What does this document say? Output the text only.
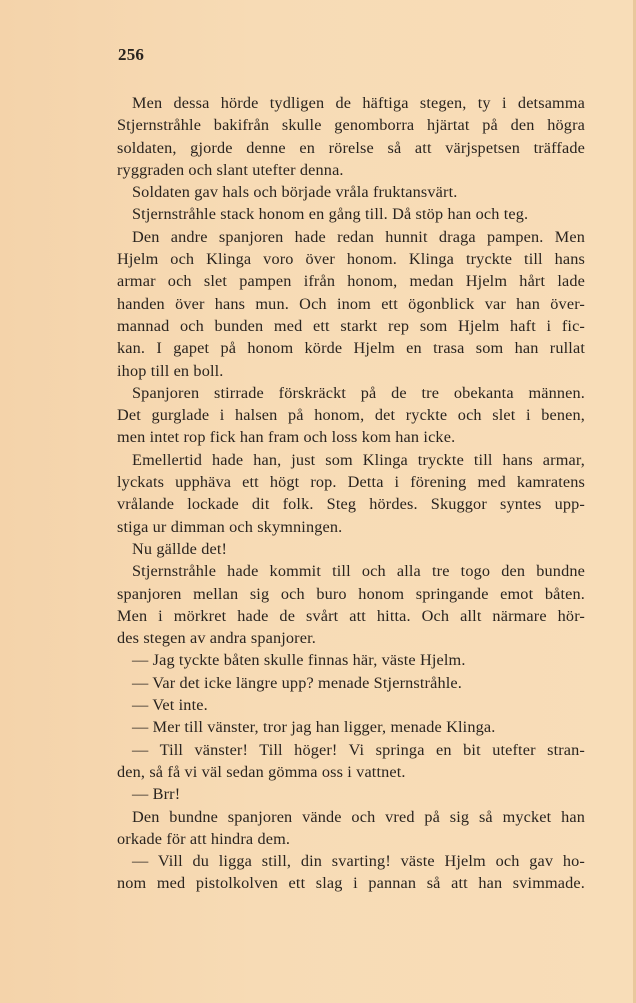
256
Men dessa hörde tydligen de häftiga stegen, ty i detsamma
Stjernstråhle bakifrån skulle genomborra hjärtat på den högra
soldaten, gjorde denne en rörelse så att värjspetsen träffade
ryggraden och slant utefter denna.
Soldaten gav hals och började vråla fruktansvärt.
Stjernstråhle stack honom en gång till. Då stöp han och teg.
Den andre spanjoren hade redan hunnit draga pampen. Men
Hjelm och Klinga voro över honom. Klinga tryckte till hans
armar och slet pampen ifrån honom, medan Hjelm hårt lade
handen över hans mun. Och inom ett ögonblick var han över-
mannad och bunden med ett starkt rep som Hjelm haft i fic-
kan. I gapet på honom körde Hjelm en trasa som han rullat
ihop till en boll.
Spanjoren stirrade förskräckt på de tre obekanta männen.
Det gurglade i halsen på honom, det ryckte och slet i benen,
men intet rop fick han fram och loss kom han icke.
Emellertid hade han, just som Klinga tryckte till hans armar,
lyckats upphäva ett högt rop. Detta i förening med kamratens
vrålande lockade dit folk. Steg hördes. Skuggor syntes upp-
stiga ur dimman och skymningen.
Nu gällde det!
Stjernstråhle hade kommit till och alla tre togo den bundne
spanjoren mellan sig och buro honom springande emot båten.
Men i mörkret hade de svårt att hitta. Och allt närmare hör-
des stegen av andra spanjorer.
— Jag tyckte båten skulle finnas här, väste Hjelm.
— Var det icke längre upp? menade Stjernstråhle.
— Vet inte.
— Mer till vänster, tror jag han ligger, menade Klinga.
— Till vänster! Till höger! Vi springa en bit utefter stran-
den, så få vi väl sedan gömma oss i vattnet.
— Brr!
Den bundne spanjoren vände och vred på sig så mycket han
orkade för att hindra dem.
— Vill du ligga still, din svarting! väste Hjelm och gav ho-
nom med pistolkolven ett slag i pannan så att han svimmade.
